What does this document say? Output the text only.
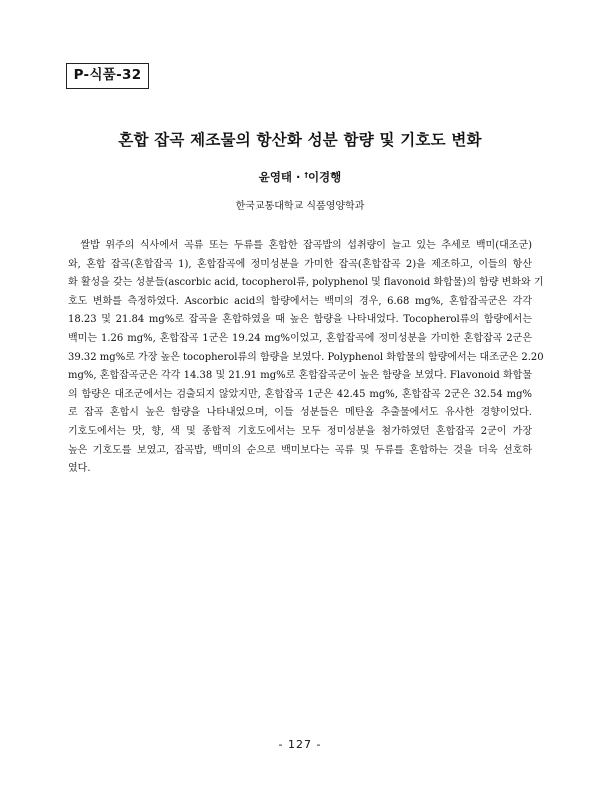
P-식품-32
혼합 잡곡 제조물의 항산화 성분 함량 및 기호도 변화
윤영태 · †이경행
한국교통대학교 식품영양학과
　쌀밥 위주의 식사에서 곡류 또는 두류를 혼합한 잡곡밥의 섭취량이 늘고 있는 추세로 백미(대조군)
와, 혼합 잡곡(혼합잡곡 1), 혼합잡곡에 정미성분을 가미한 잡곡(혼합잡곡 2)을 제조하고, 이들의 항산
화 활성을 갖는 성분들(ascorbic acid, tocopherol류, polyphenol 및 flavonoid 화합물)의 함량 변화와 기
호도 변화를 측정하였다. Ascorbic acid의 함량에서는 백미의 경우, 6.68 mg%, 혼합잡곡군은 각각
18.23 및 21.84 mg%로 잡곡을 혼합하였을 때 높은 함량을 나타내었다. Tocopherol류의 함량에서는
백미는 1.26 mg%, 혼합잡곡 1군은 19.24 mg%이었고, 혼합잡곡에 정미성분을 가미한 혼합잡곡 2군은
39.32 mg%로 가장 높은 tocopherol류의 함량을 보였다. Polyphenol 화합물의 함량에서는 대조군은 2.20
mg%, 혼합잡곡군은 각각 14.38 및 21.91 mg%로 혼합잡곡군이 높은 함량을 보였다. Flavonoid 화합물
의 함량은 대조군에서는 검출되지 않았지만, 혼합잡곡 1군은 42.45 mg%, 혼합잡곡 2군은 32.54 mg%
로 잡곡 혼합시 높은 함량을 나타내었으며, 이들 성분들은 메탄올 추출물에서도 유사한 경향이었다.
기호도에서는 맛, 향, 색 및 종합적 기호도에서는 모두 정미성분을 첨가하였던 혼합잡곡 2군이 가장
높은 기호도를 보였고, 잡곡밥, 백미의 순으로 백미보다는 곡류 및 두류를 혼합하는 것을 더욱 선호하
였다.
- 127 -
